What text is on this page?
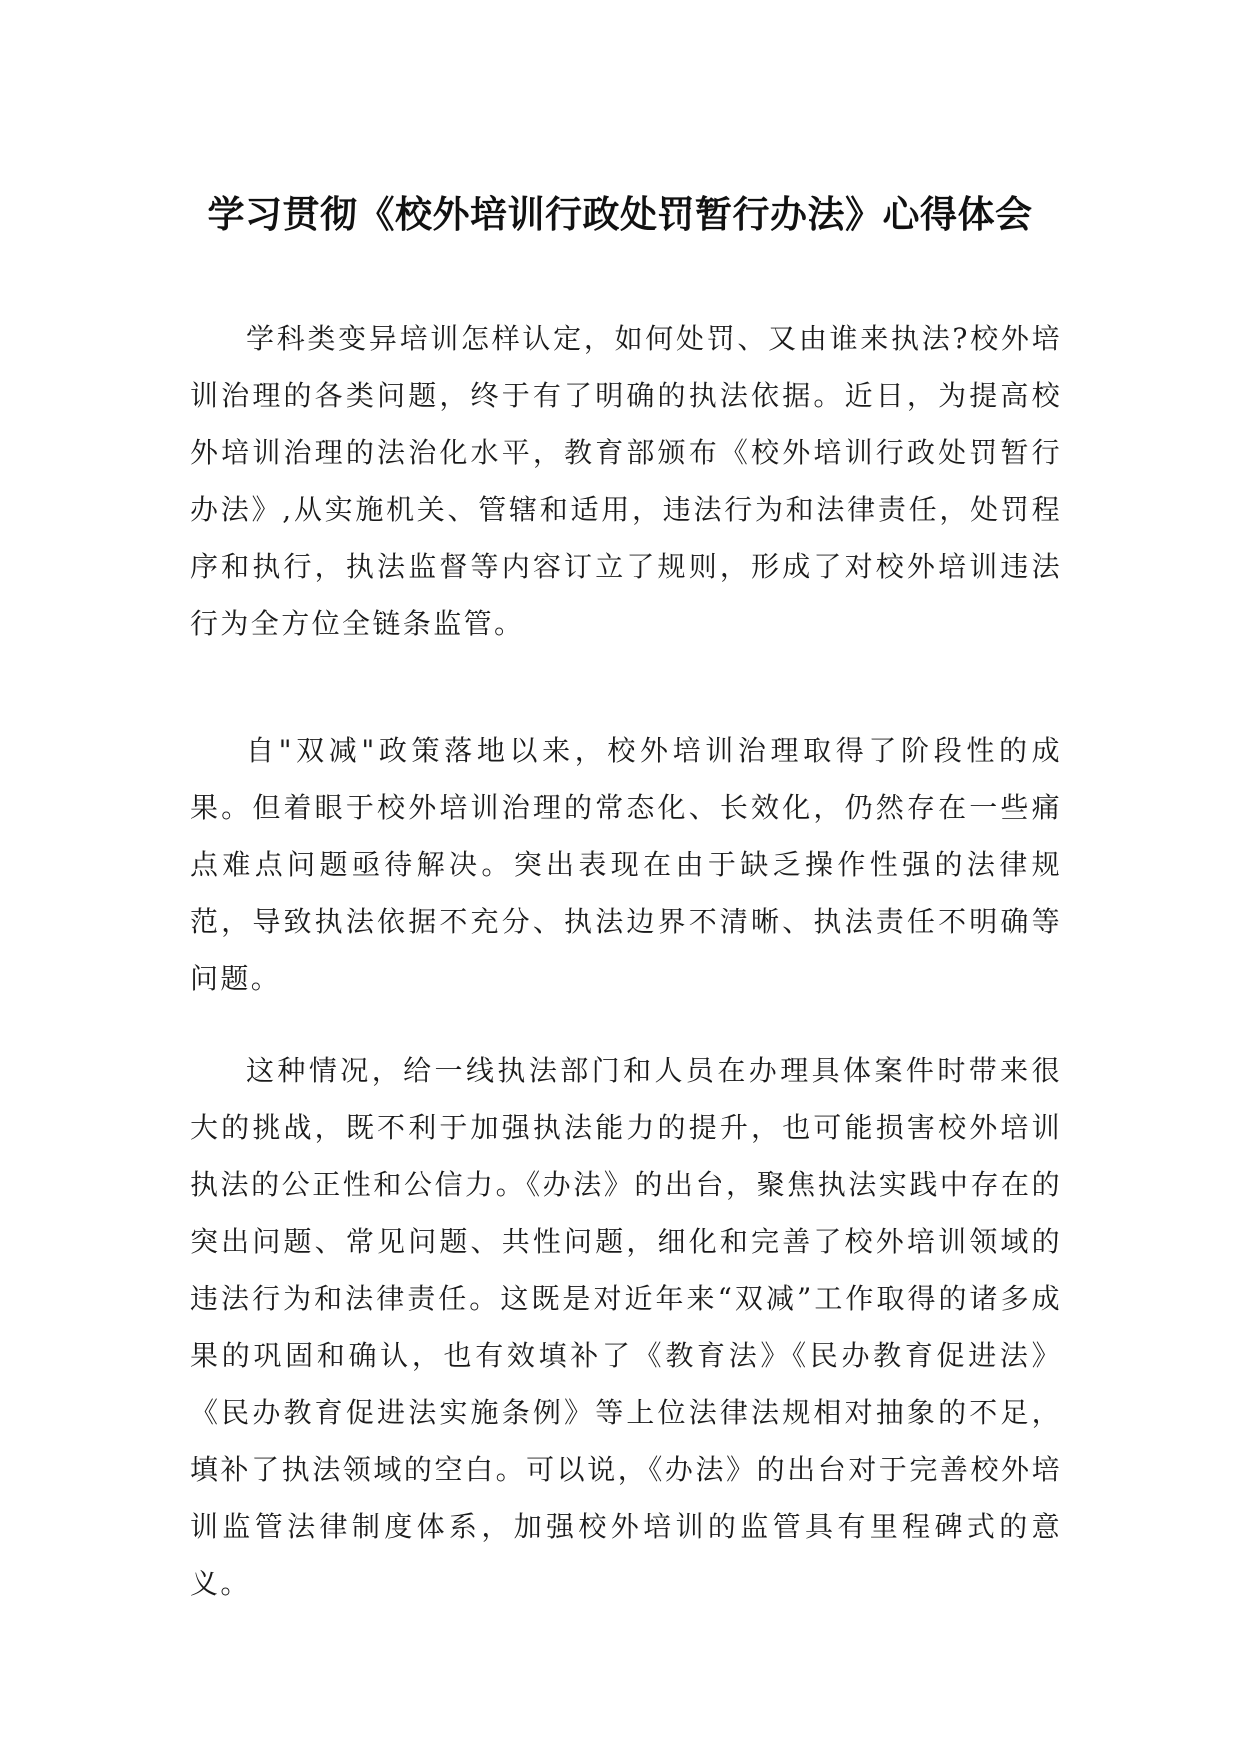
学习贯彻《校外培训行政处罚暂行办法》心得体会

学科类变异培训怎样认定，如何处罚、又由谁来执法?校外培训治理的各类问题，终于有了明确的执法依据。近日，为提高校外培训治理的法治化水平，教育部颁布《校外培训行政处罚暂行办法》,从实施机关、管辖和适用，违法行为和法律责任，处罚程序和执行，执法监督等内容订立了规则，形成了对校外培训违法行为全方位全链条监管。

自"双减"政策落地以来，校外培训治理取得了阶段性的成果。但着眼于校外培训治理的常态化、长效化，仍然存在一些痛点难点问题亟待解决。突出表现在由于缺乏操作性强的法律规范，导致执法依据不充分、执法边界不清晰、执法责任不明确等问题。

这种情况，给一线执法部门和人员在办理具体案件时带来很大的挑战，既不利于加强执法能力的提升，也可能损害校外培训执法的公正性和公信力。《办法》的出台，聚焦执法实践中存在的突出问题、常见问题、共性问题，细化和完善了校外培训领域的违法行为和法律责任。这既是对近年来“双减”工作取得的诸多成果的巩固和确认，也有效填补了《教育法》《民办教育促进法》《民办教育促进法实施条例》等上位法律法规相对抽象的不足，填补了执法领域的空白。可以说，《办法》的出台对于完善校外培训监管法律制度体系，加强校外培训的监管具有里程碑式的意义。
